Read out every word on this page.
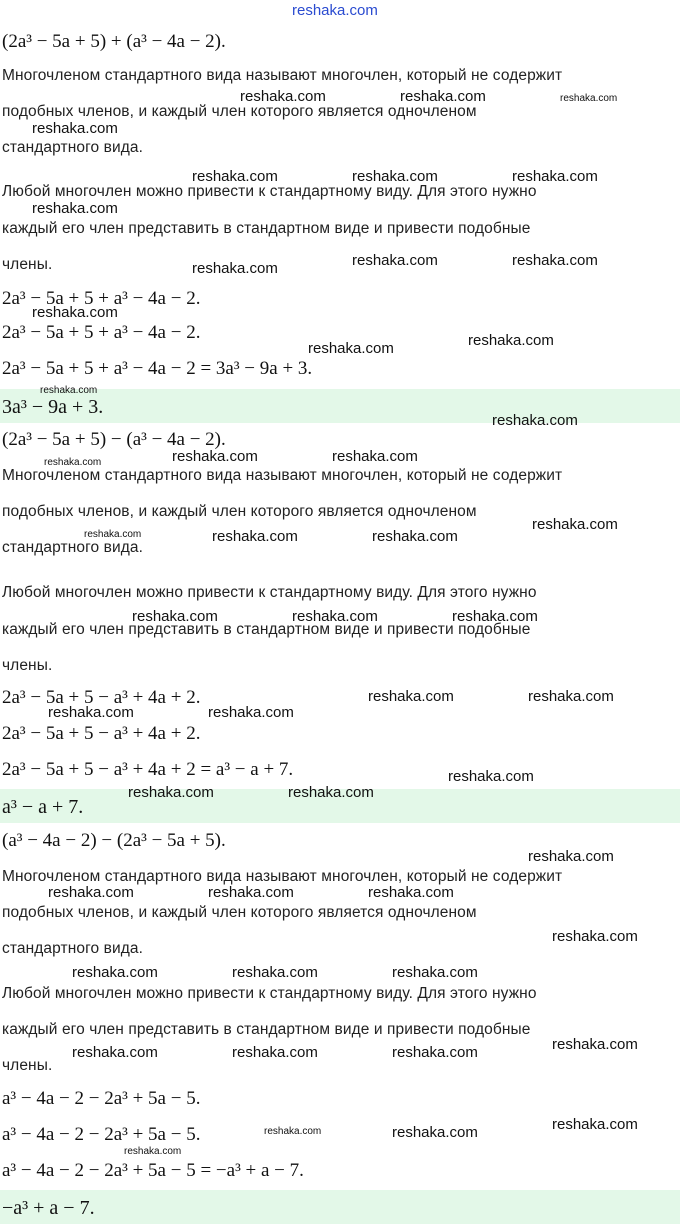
(2a³ − 5a + 5) + (a³ − 4a − 2).
Многочленом стандартного вида называют многочлен, который не содержит
подобных членов, и каждый член которого является одночленом
стандартного вида.
Любой многочлен можно привести к стандартному виду. Для этого нужно
каждый его член представить в стандартном виде и привести подобные
члены.
2a³ − 5a + 5 + a³ − 4a − 2.
2a³ − 5a + 5 + a³ − 4a − 2.
2a³ − 5a + 5 + a³ − 4a − 2 = 3a³ − 9a + 3.
3a³ − 9a + 3.
(2a³ − 5a + 5) − (a³ − 4a − 2).
Многочленом стандартного вида называют многочлен, который не содержит
подобных членов, и каждый член которого является одночленом
стандартного вида.
Любой многочлен можно привести к стандартному виду. Для этого нужно
каждый его член представить в стандартном виде и привести подобные
члены.
2a³ − 5a + 5 − a³ + 4a + 2.
2a³ − 5a + 5 − a³ + 4a + 2.
2a³ − 5a + 5 − a³ + 4a + 2 = a³ − a + 7.
a³ − a + 7.
(a³ − 4a − 2) − (2a³ − 5a + 5).
Многочленом стандартного вида называют многочлен, который не содержит
подобных членов, и каждый член которого является одночленом
стандартного вида.
Любой многочлен можно привести к стандартному виду. Для этого нужно
каждый его член представить в стандартном виде и привести подобные
члены.
a³ − 4a − 2 − 2a³ + 5a − 5.
a³ − 4a − 2 − 2a³ + 5a − 5.
a³ − 4a − 2 − 2a³ + 5a − 5 = −a³ + a − 7.
−a³ + a − 7.
reshaka.com
reshaka.com	reshaka.com	reshaka.com
reshaka.com
reshaka.com	reshaka.com	reshaka.com
reshaka.com
reshaka.com	reshaka.com
reshaka.com
reshaka.com
reshaka.com
reshaka.com
reshaka.com
reshaka.com
reshaka.com	reshaka.com
reshaka.com
reshaka.com
reshaka.com	reshaka.com	reshaka.com
reshaka.com	reshaka.com	reshaka.com
reshaka.com	reshaka.com
reshaka.com	reshaka.com
reshaka.com
reshaka.com	reshaka.com
reshaka.com
reshaka.com	reshaka.com	reshaka.com
reshaka.com
reshaka.com	reshaka.com	reshaka.com
reshaka.com
reshaka.com	reshaka.com	reshaka.com
reshaka.com
reshaka.com	reshaka.com
reshaka.com
